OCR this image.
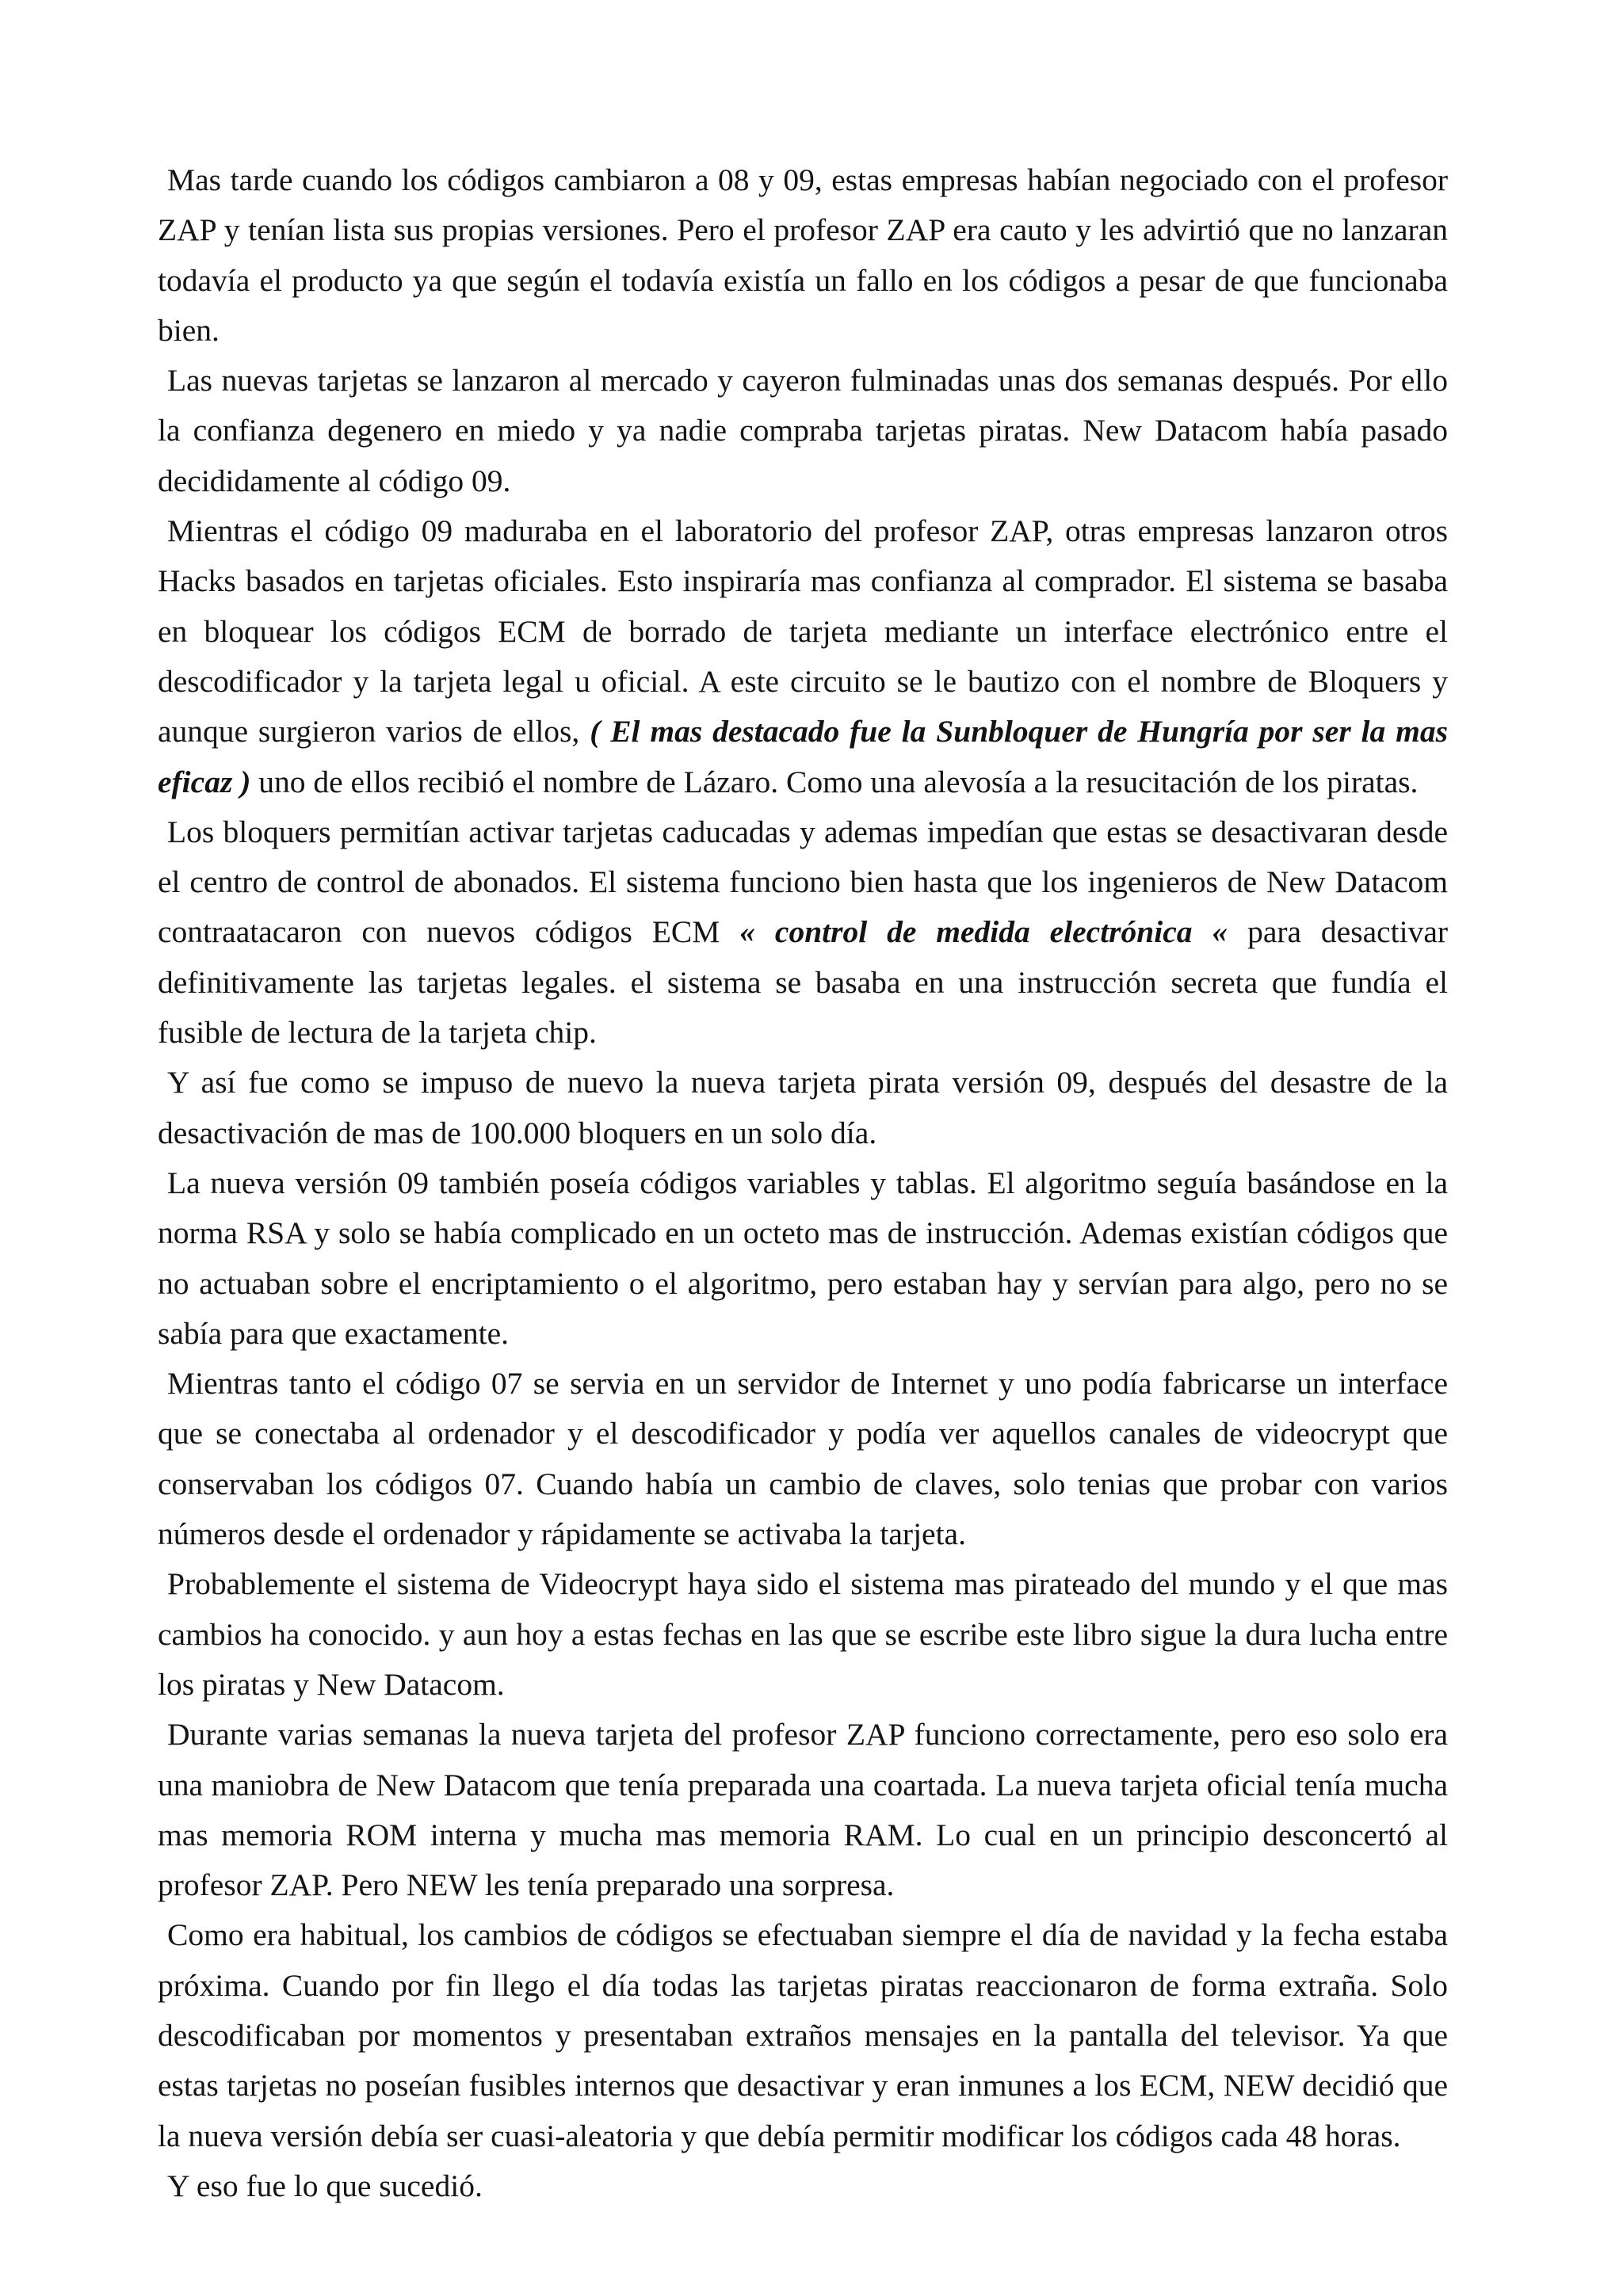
Mas tarde cuando los códigos cambiaron a 08 y 09, estas empresas habían negociado con el profesor ZAP y tenían lista sus propias versiones. Pero el profesor ZAP era cauto y les advirtió que no lanzaran todavía el producto ya que según el todavía existía un fallo en los códigos a pesar de que funcionaba bien.

Las nuevas tarjetas se lanzaron al mercado y cayeron fulminadas unas dos semanas después. Por ello la confianza degenero en miedo y ya nadie compraba tarjetas piratas. New Datacom había pasado decididamente al código 09.

Mientras el código 09 maduraba en el laboratorio del profesor ZAP, otras empresas lanzaron otros Hacks basados en tarjetas oficiales. Esto inspiraría mas confianza al comprador. El sistema se basaba en bloquear los códigos ECM de borrado de tarjeta mediante un interface electrónico entre el descodificador y la tarjeta legal u oficial. A este circuito se le bautizo con el nombre de Bloquers y aunque surgieron varios de ellos, ( El mas destacado fue la Sunbloquer de Hungría por ser la mas eficaz ) uno de ellos recibió el nombre de Lázaro. Como una alevosía a la resucitación de los piratas.

Los bloquers permitían activar tarjetas caducadas y ademas impedían que estas se desactivaran desde el centro de control de abonados. El sistema funciono bien hasta que los ingenieros de New Datacom contraatacaron con nuevos códigos ECM « control de medida electrónica « para desactivar definitivamente las tarjetas legales. el sistema se basaba en una instrucción secreta que fundía el fusible de lectura de la tarjeta chip.

Y así fue como se impuso de nuevo la nueva tarjeta pirata versión 09, después del desastre de la desactivación de mas de 100.000 bloquers en un solo día.

La nueva versión 09 también poseía códigos variables y tablas. El algoritmo seguía basándose en la norma RSA y solo se había complicado en un octeto mas de instrucción. Ademas existían códigos que no actuaban sobre el encriptamiento o el algoritmo, pero estaban hay y servían para algo, pero no se sabía para que exactamente.

Mientras tanto el código 07 se servia en un servidor de Internet y uno podía fabricarse un interface que se conectaba al ordenador y el descodificador y podía ver aquellos canales de videocrypt que conservaban los códigos 07. Cuando había un cambio de claves, solo tenias que probar con varios números desde el ordenador y rápidamente se activaba la tarjeta.

Probablemente el sistema de Videocrypt haya sido el sistema mas pirateado del mundo y el que mas cambios ha conocido. y aun hoy a estas fechas en las que se escribe este libro sigue la dura lucha entre los piratas y New Datacom.

Durante varias semanas la nueva tarjeta del profesor ZAP funciono correctamente, pero eso solo era una maniobra de New Datacom que tenía preparada una coartada. La nueva tarjeta oficial tenía mucha mas memoria ROM interna y mucha mas memoria RAM. Lo cual en un principio desconcertó al profesor ZAP. Pero NEW les tenía preparado una sorpresa.

Como era habitual, los cambios de códigos se efectuaban siempre el día de navidad y la fecha estaba próxima. Cuando por fin llego el día todas las tarjetas piratas reaccionaron de forma extraña. Solo descodificaban por momentos y presentaban extraños mensajes en la pantalla del televisor. Ya que estas tarjetas no poseían fusibles internos que desactivar y eran inmunes a los ECM, NEW decidió que la nueva versión debía ser cuasi-aleatoria y que debía permitir modificar los códigos cada 48 horas.

Y eso fue lo que sucedió.
